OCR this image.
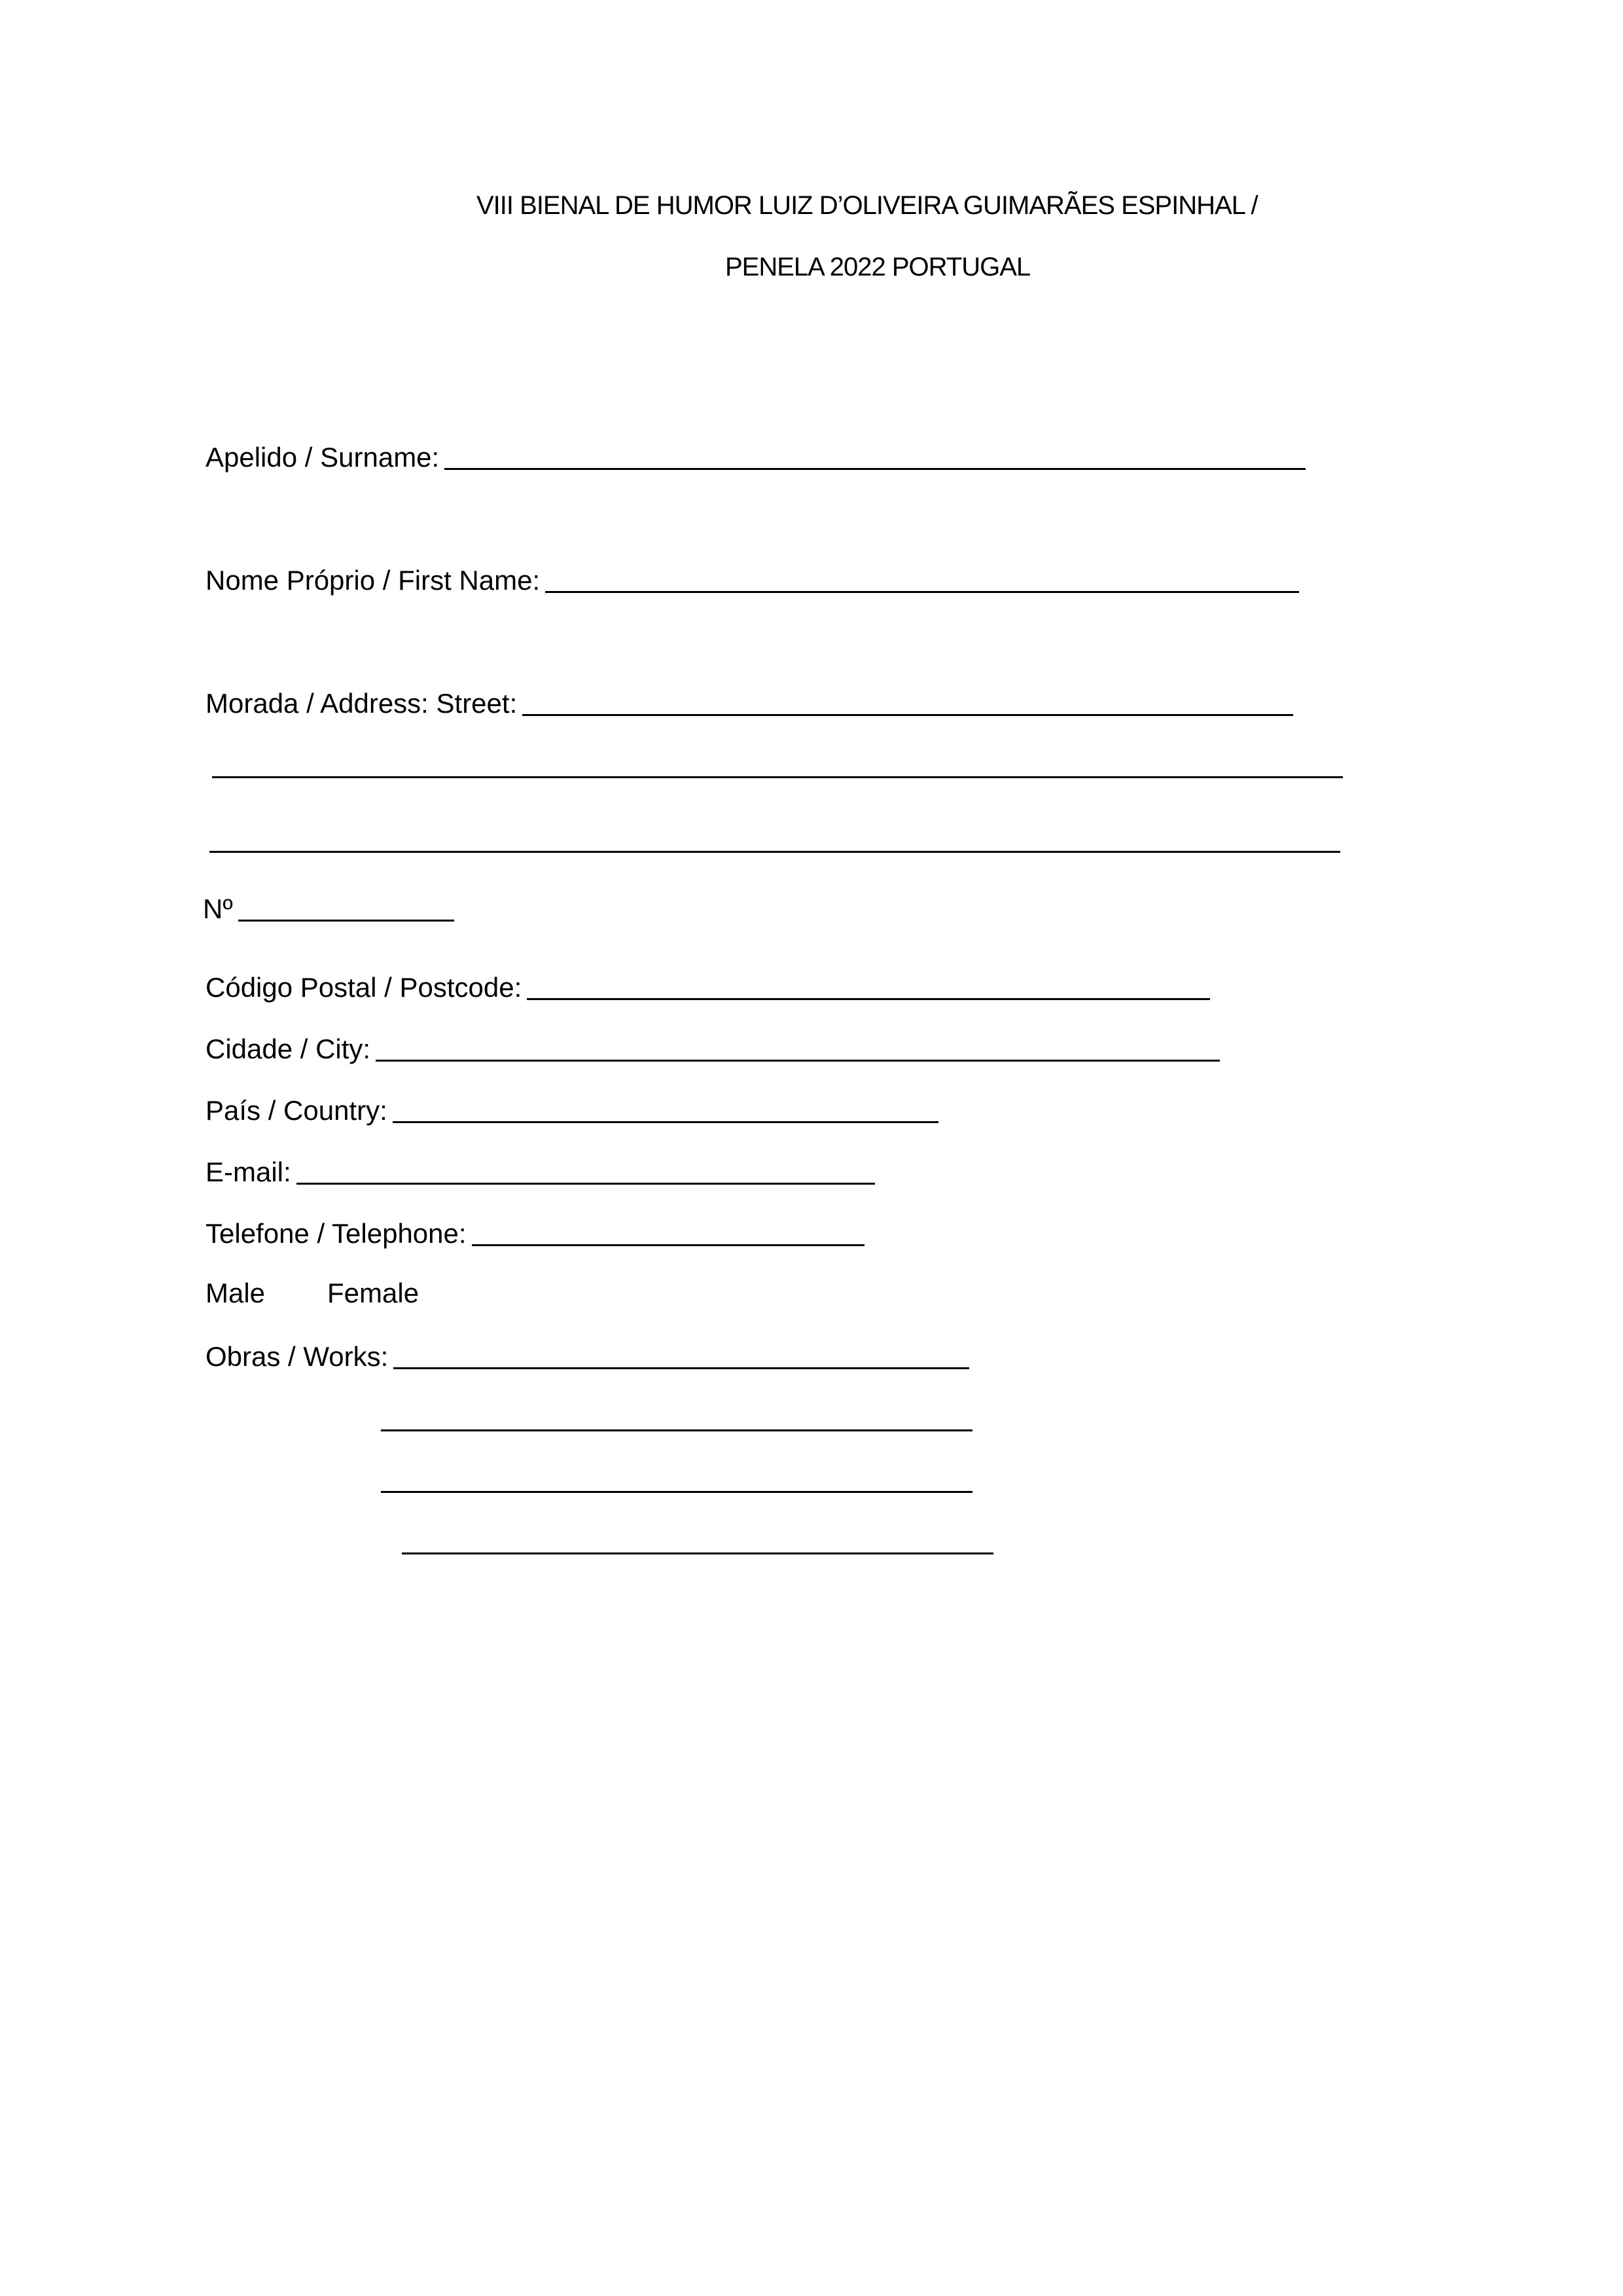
VIII BIENAL DE HUMOR LUIZ D’OLIVEIRA GUIMARÃES ESPINHAL /
PENELA 2022 PORTUGAL
Apelido / Surname:
Nome Próprio / First Name:
Morada / Address: Street:
Nº
Código Postal / Postcode:
Cidade / City:
País / Country:
E-mail:
Telefone / Telephone:
Male Female
Obras / Works:
